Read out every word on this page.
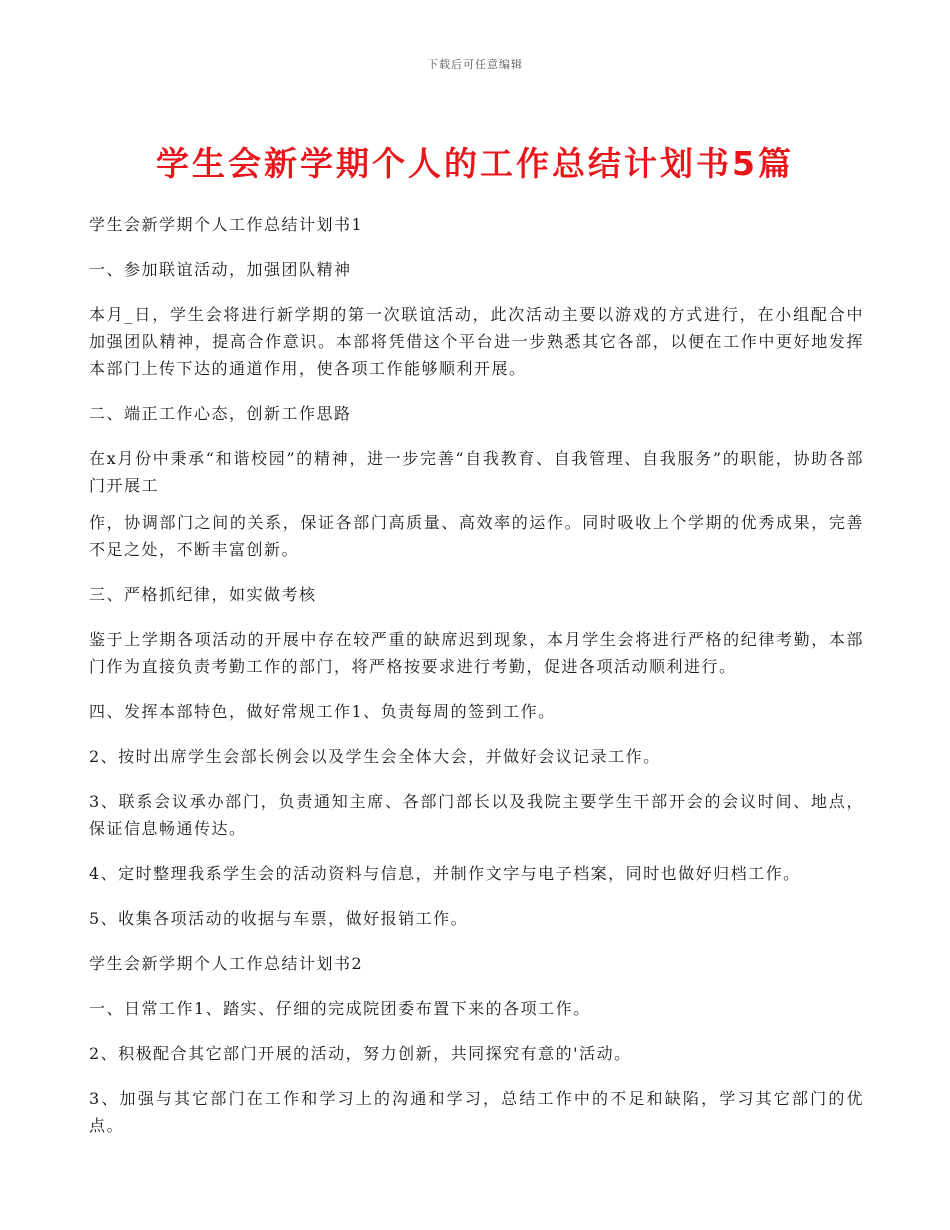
下载后可任意编辑
学生会新学期个人的工作总结计划书5篇

学生会新学期个人工作总结计划书1

一、参加联谊活动，加强团队精神

本月_日，学生会将进行新学期的第一次联谊活动，此次活动主要以游戏的方式进行，在小组配合中加强团队精神，提高合作意识。本部将凭借这个平台进一步熟悉其它各部，以便在工作中更好地发挥本部门上传下达的通道作用，使各项工作能够顺利开展。

二、端正工作心态，创新工作思路

在x月份中秉承“和谐校园”的精神，进一步完善“自我教育、自我管理、自我服务”的职能，协助各部门开展工

作，协调部门之间的关系，保证各部门高质量、高效率的运作。同时吸收上个学期的优秀成果，完善不足之处，不断丰富创新。

三、严格抓纪律，如实做考核

鉴于上学期各项活动的开展中存在较严重的缺席迟到现象，本月学生会将进行严格的纪律考勤，本部门作为直接负责考勤工作的部门，将严格按要求进行考勤，促进各项活动顺利进行。

四、发挥本部特色，做好常规工作1、负责每周的签到工作。

2、按时出席学生会部长例会以及学生会全体大会，并做好会议记录工作。

3、联系会议承办部门，负责通知主席、各部门部长以及我院主要学生干部开会的会议时间、地点，保证信息畅通传达。

4、定时整理我系学生会的活动资料与信息，并制作文字与电子档案，同时也做好归档工作。

5、收集各项活动的收据与车票，做好报销工作。

学生会新学期个人工作总结计划书2

一、日常工作1、踏实、仔细的完成院团委布置下来的各项工作。

2、积极配合其它部门开展的活动，努力创新，共同探究有意的'活动。

3、加强与其它部门在工作和学习上的沟通和学习，总结工作中的不足和缺陷，学习其它部门的优点。
